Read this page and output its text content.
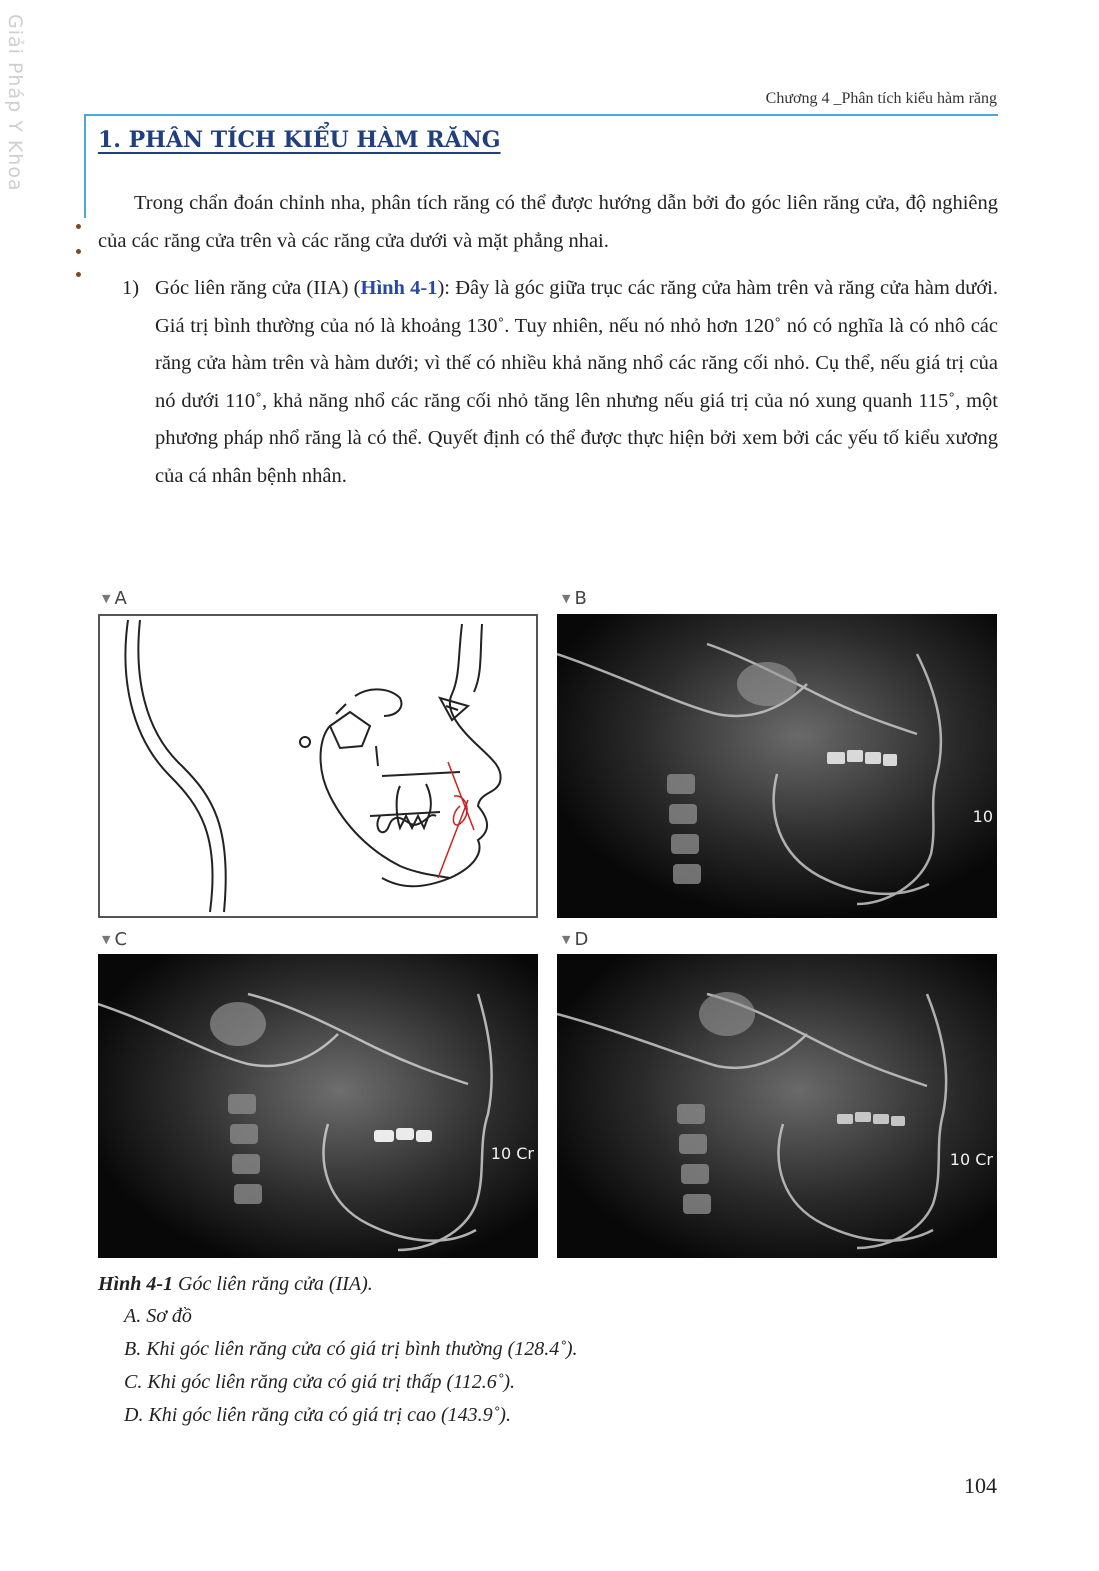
Giải Pháp Y Khoa	Chương 4 _Phân tích kiểu hàm răng
1. PHÂN TÍCH KIỂU HÀM RĂNG

Trong chẩn đoán chỉnh nha, phân tích răng có thể được hướng dẫn bởi đo góc liên răng cửa, độ nghiêng của các răng cửa trên và các răng cửa dưới và mặt phẳng nhai.

1) Góc liên răng cửa (IIA) (Hình 4-1): Đây là góc giữa trục các răng cửa hàm trên và răng cửa hàm dưới. Giá trị bình thường của nó là khoảng 130˚. Tuy nhiên, nếu nó nhỏ hơn 120˚ nó có nghĩa là có nhô các răng cửa hàm trên và hàm dưới; vì thế có nhiều khả năng nhổ các răng cối nhỏ. Cụ thể, nếu giá trị của nó dưới 110˚, khả năng nhổ các răng cối nhỏ tăng lên nhưng nếu giá trị của nó xung quanh 115˚, một phương pháp nhổ răng là có thể. Quyết định có thể được thực hiện bởi xem bởi các yếu tố kiểu xương của cá nhân bệnh nhân.

▼ A	▼ B
▼ C	▼ D
10
10 Cr	10 Cr

Hình 4-1 Góc liên răng cửa (IIA).

A. Sơ đồ

B. Khi góc liên răng cửa có giá trị bình thường (128.4˚).

C. Khi góc liên răng cửa có giá trị thấp (112.6˚).

D. Khi góc liên răng cửa có giá trị cao (143.9˚).

104
